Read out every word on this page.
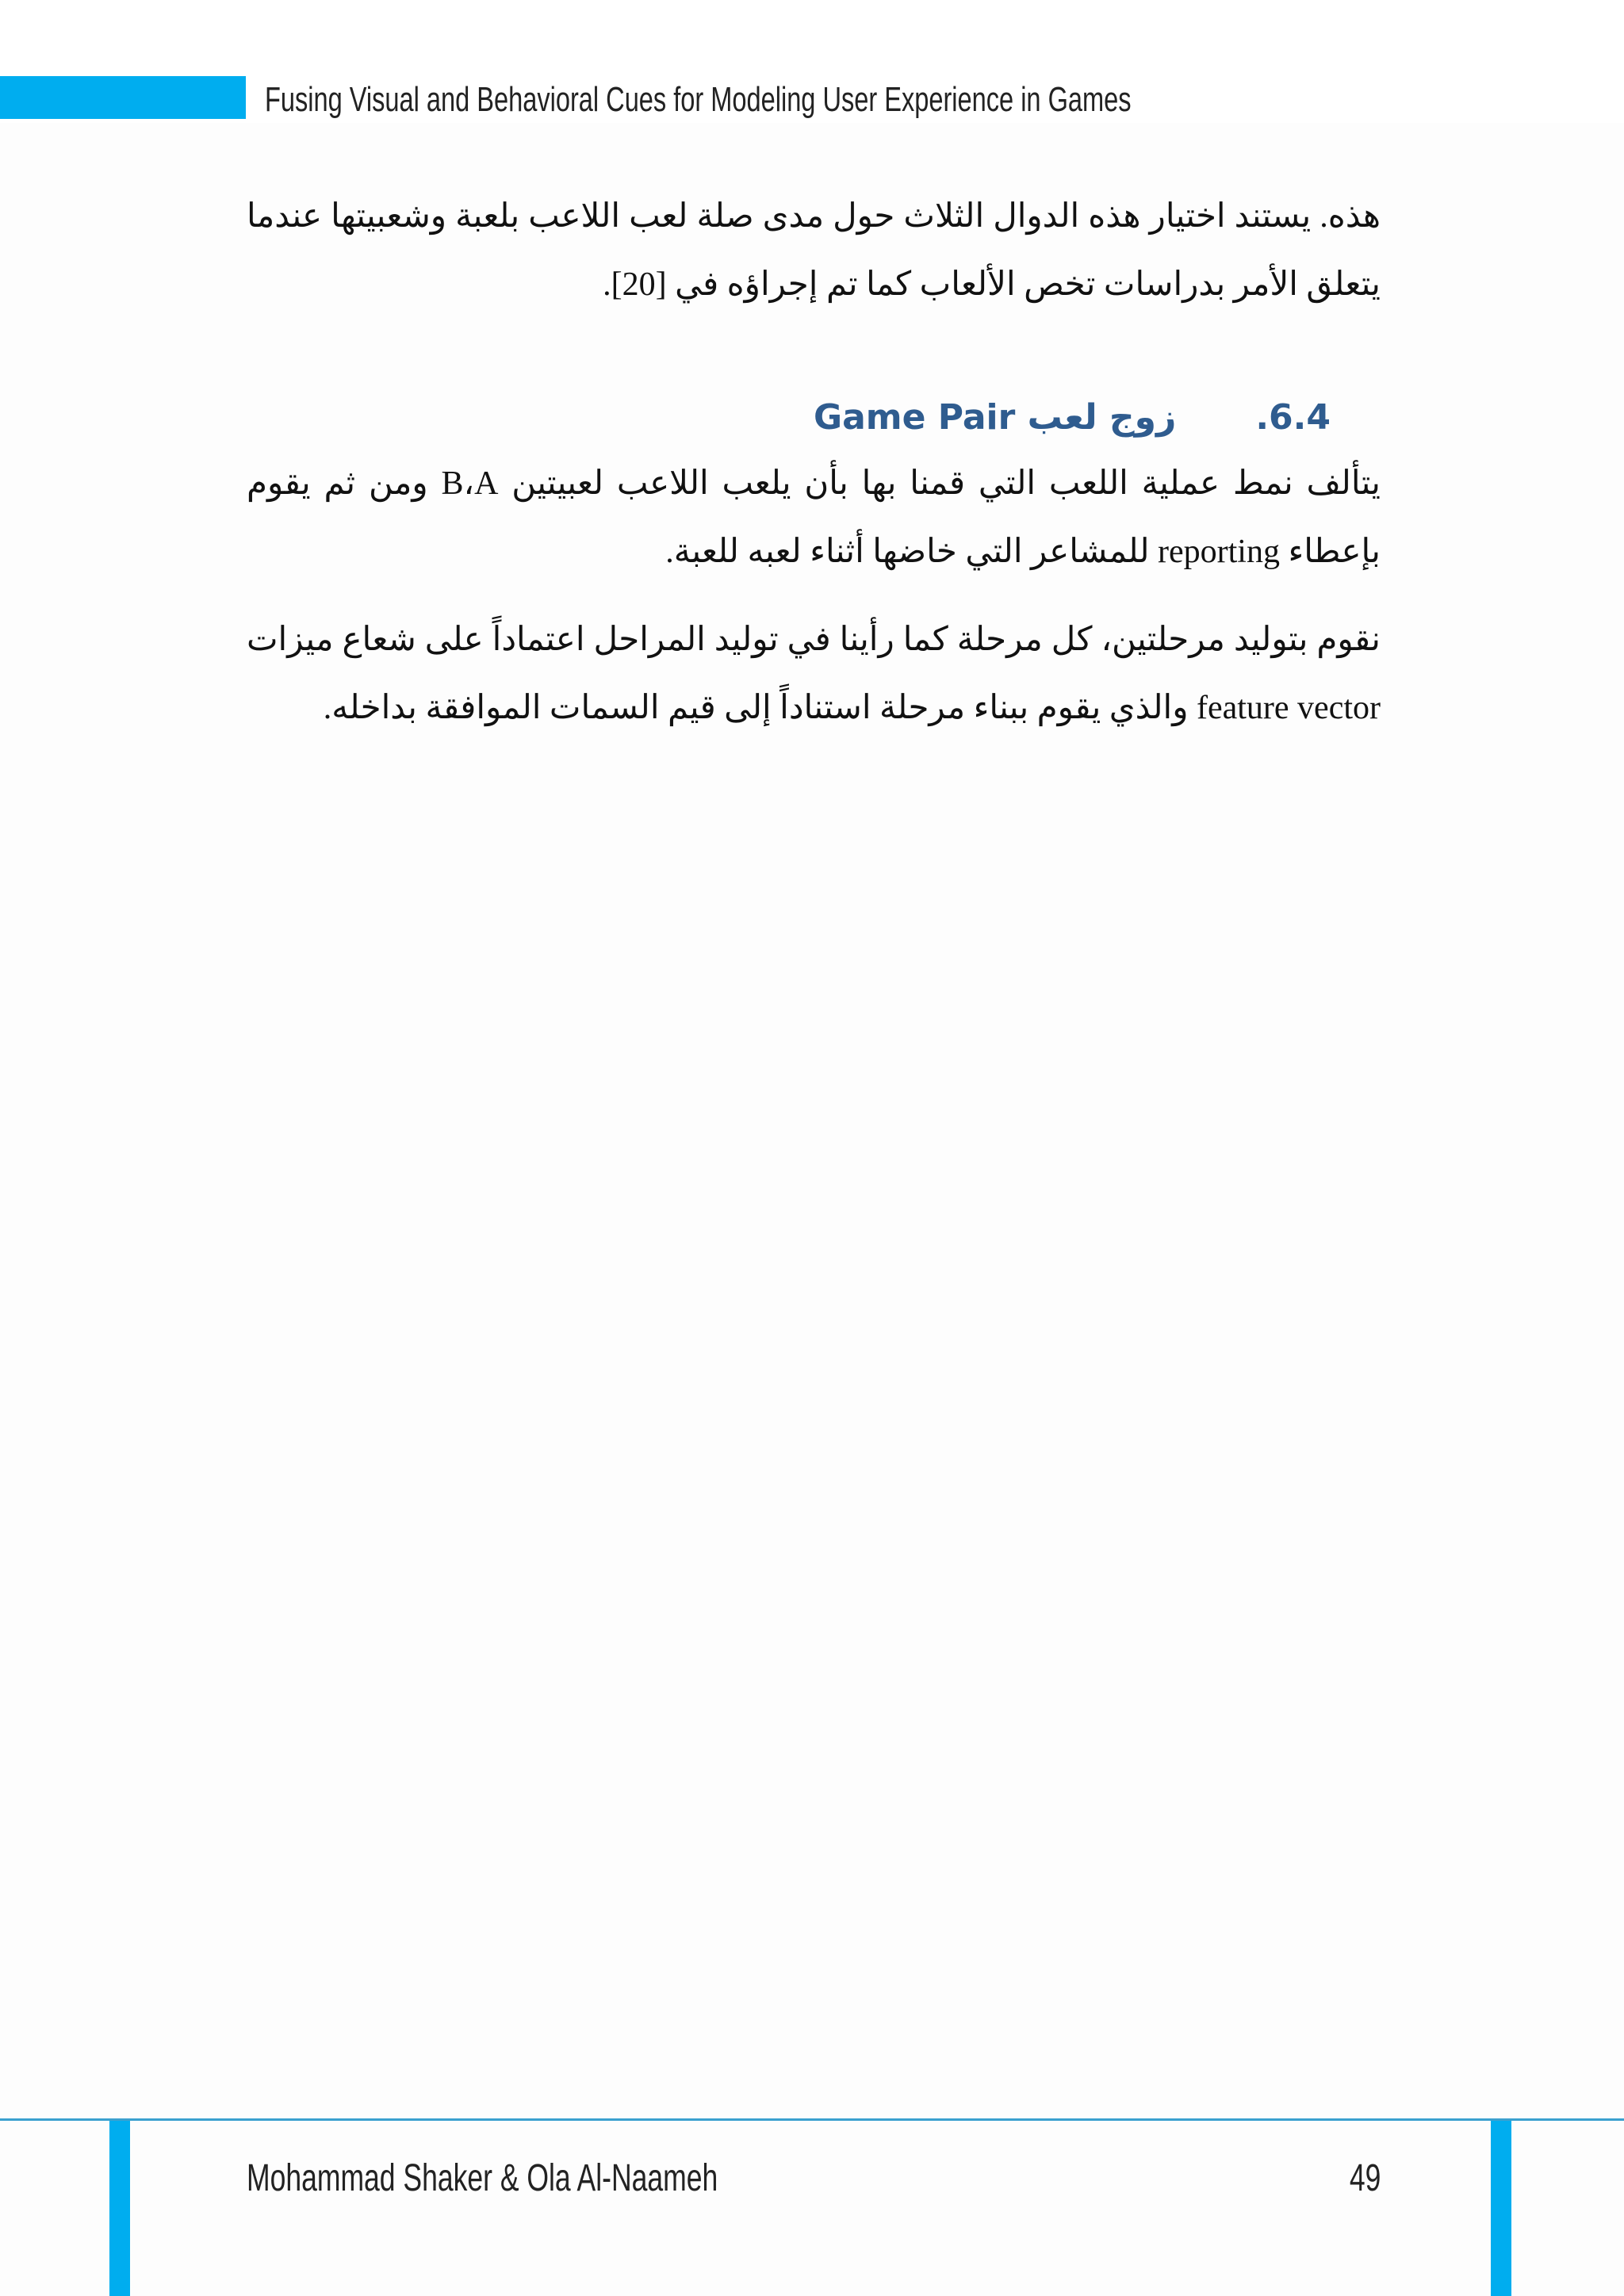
Fusing Visual and Behavioral Cues for Modeling User Experience in Games

هذه. يستند اختيار هذه الدوال الثلاث حول مدى صلة لعب اللاعب بلعبة وشعبيتها عندما يتعلق الأمر بدراسات تخص الألعاب كما تم إجراؤه في [20].

6.4.زوج لعب Game Pair

يتألف نمط عملية اللعب التي قمنا بها بأن يلعب اللاعب لعبيتين B،A ومن ثم يقوم بإعطاء reporting للمشاعر التي خاضها أثناء لعبه للعبة.

نقوم بتوليد مرحلتين، كل مرحلة كما رأينا في توليد المراحل اعتماداً على شعاع ميزات feature vector والذي يقوم ببناء مرحلة استناداً إلى قيم السمات الموافقة بداخله.

Mohammad Shaker & Ola Al-Naameh	49
